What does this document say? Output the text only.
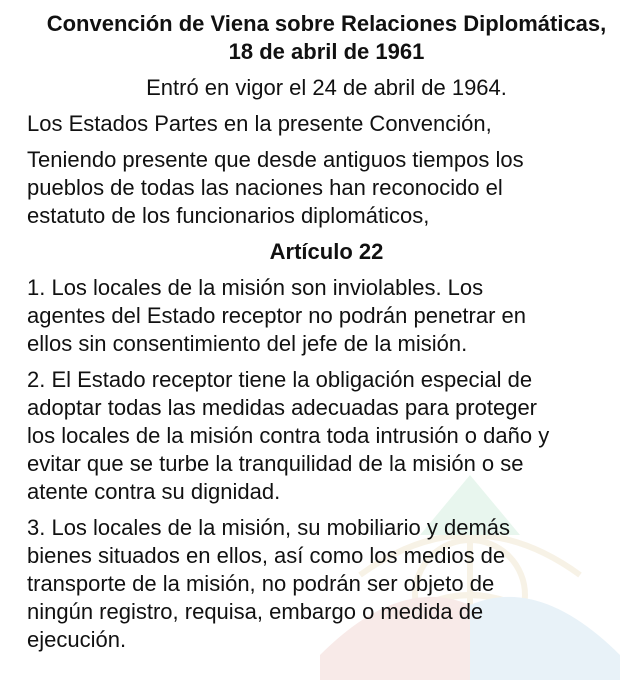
Convención de Viena sobre Relaciones Diplomáticas,
18 de abril de 1961
Entró en vigor el 24 de abril de 1964.
Los Estados Partes en la presente Convención,
Teniendo presente que desde antiguos tiempos los
pueblos de todas las naciones han reconocido el
estatuto de los funcionarios diplomáticos,
Artículo 22
1. Los locales de la misión son inviolables. Los
agentes del Estado receptor no podrán penetrar en
ellos sin consentimiento del jefe de la misión.
2. El Estado receptor tiene la obligación especial de
adoptar todas las medidas adecuadas para proteger
los locales de la misión contra toda intrusión o daño y
evitar que se turbe la tranquilidad de la misión o se
atente contra su dignidad.
3. Los locales de la misión, su mobiliario y demás
bienes situados en ellos, así como los medios de
transporte de la misión, no podrán ser objeto de
ningún registro, requisa, embargo o medida de
ejecución.
